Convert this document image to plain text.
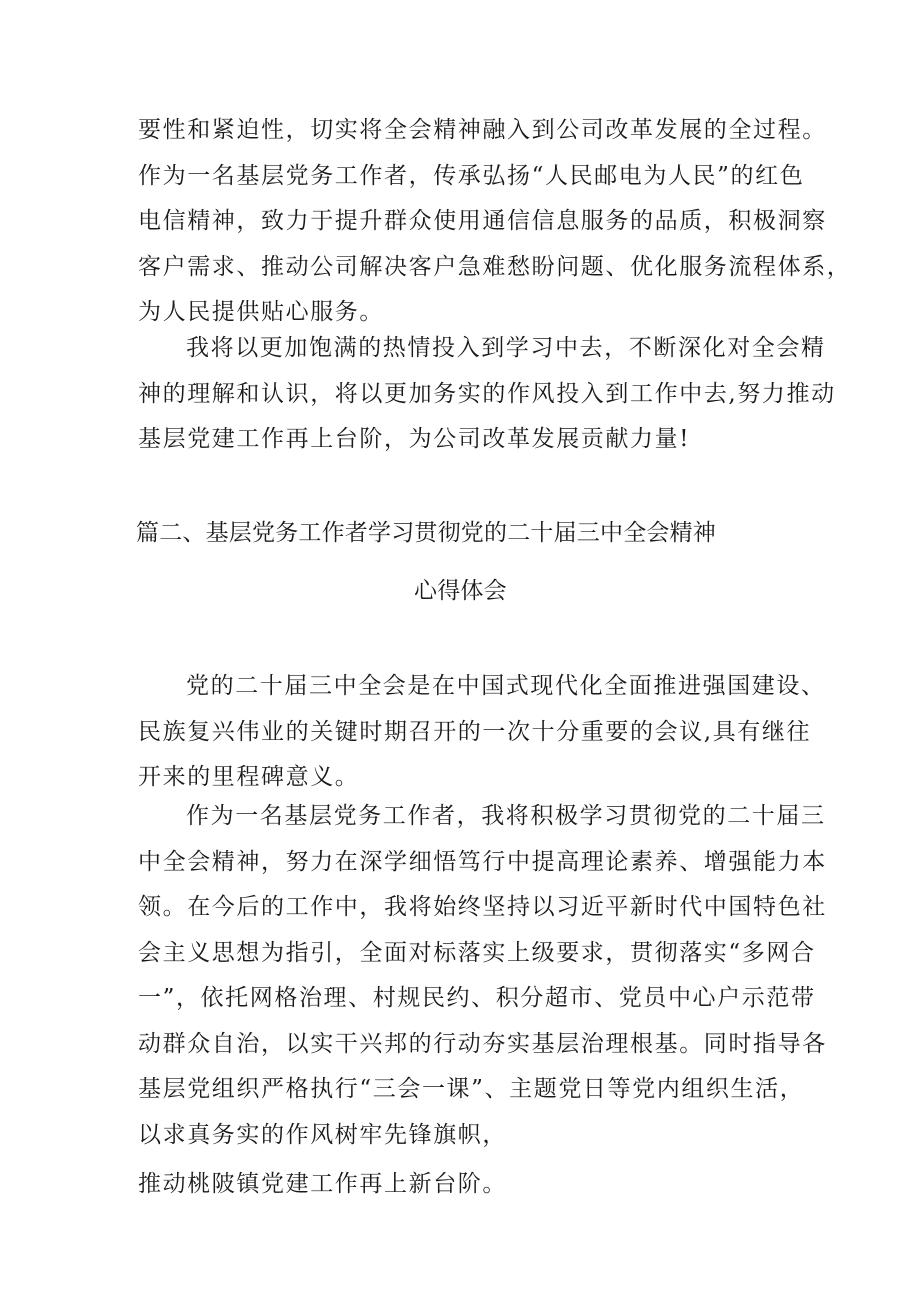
要性和紧迫性，切实将全会精神融入到公司改革发展的全过程。

作为一名基层党务工作者，传承弘扬“人民邮电为人民”的红色

电信精神，致力于提升群众使用通信信息服务的品质，积极洞察

客户需求、推动公司解决客户急难愁盼问题、优化服务流程体系，

为人民提供贴心服务。

我将以更加饱满的热情投入到学习中去，不断深化对全会精

神的理解和认识，将以更加务实的作风投入到工作中去,努力推动

基层党建工作再上台阶，为公司改革发展贡献力量!

篇二、基层党务工作者学习贯彻党的二十届三中全会精神
心得体会

党的二十届三中全会是在中国式现代化全面推进强国建设、

民族复兴伟业的关键时期召开的一次十分重要的会议,具有继往

开来的里程碑意义。

作为一名基层党务工作者，我将积极学习贯彻党的二十届三

中全会精神，努力在深学细悟笃行中提高理论素养、增强能力本

领。在今后的工作中，我将始终坚持以习近平新时代中国特色社

会主义思想为指引，全面对标落实上级要求，贯彻落实“多网合

一”，依托网格治理、村规民约、积分超市、党员中心户示范带

动群众自治，以实干兴邦的行动夯实基层治理根基。同时指导各

基层党组织严格执行“三会一课”、主题党日等党内组织生活，

以求真务实的作风树牢先锋旗帜，

推动桃陂镇党建工作再上新台阶。
